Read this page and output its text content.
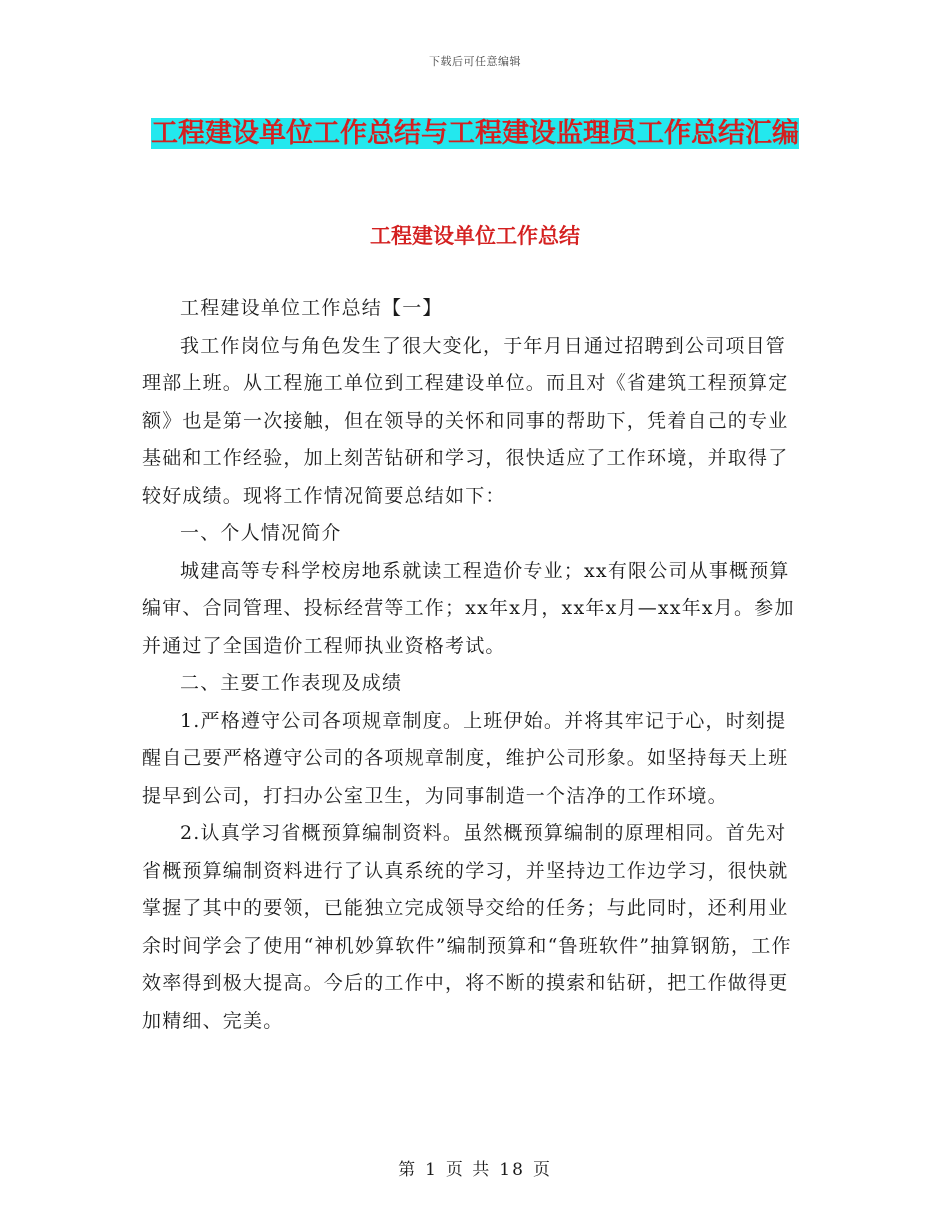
下载后可任意编辑
工程建设单位工作总结与工程建设监理员工作总结汇编
工程建设单位工作总结

工程建设单位工作总结【一】

我工作岗位与角色发生了很大变化，于年月日通过招聘到公司项目管理部上班。从工程施工单位到工程建设单位。而且对《省建筑工程预算定额》也是第一次接触，但在领导的关怀和同事的帮助下，凭着自己的专业基础和工作经验，加上刻苦钻研和学习，很快适应了工作环境，并取得了较好成绩。现将工作情况简要总结如下：

一、个人情况简介

城建高等专科学校房地系就读工程造价专业；xx有限公司从事概预算编审、合同管理、投标经营等工作；xx年x月，xx年x月—xx年x月。参加并通过了全国造价工程师执业资格考试。

二、主要工作表现及成绩

1.严格遵守公司各项规章制度。上班伊始。并将其牢记于心，时刻提醒自己要严格遵守公司的各项规章制度，维护公司形象。如坚持每天上班提早到公司，打扫办公室卫生，为同事制造一个洁净的工作环境。

2.认真学习省概预算编制资料。虽然概预算编制的原理相同。首先对省概预算编制资料进行了认真系统的学习，并坚持边工作边学习，很快就掌握了其中的要领，已能独立完成领导交给的任务；与此同时，还利用业余时间学会了使用“神机妙算软件”编制预算和“鲁班软件”抽算钢筋，工作效率得到极大提高。今后的工作中，将不断的摸索和钻研，把工作做得更加精细、完美。

第 1 页 共 18 页
